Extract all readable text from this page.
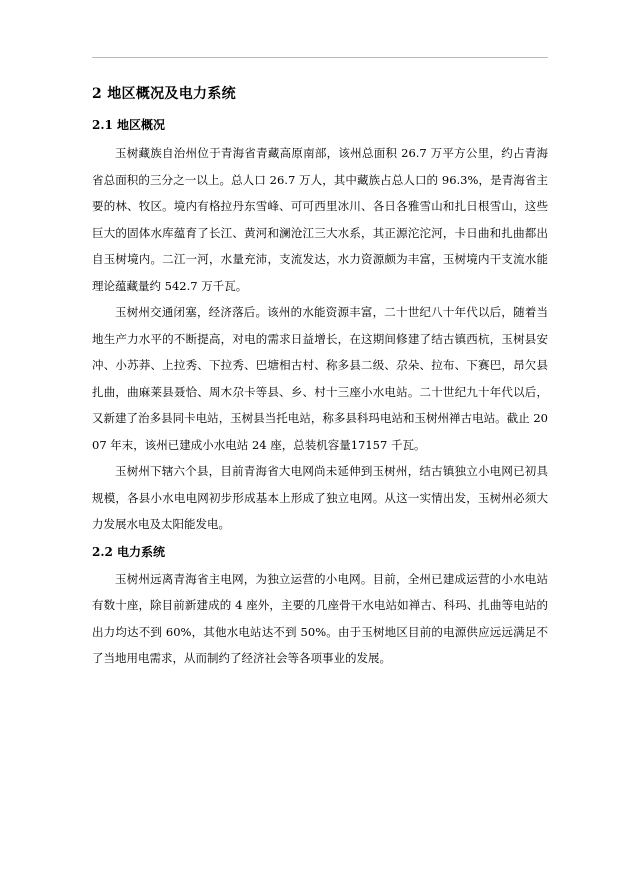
2 地区概况及电力系统
2.1 地区概况

玉树藏族自治州位于青海省青藏高原南部，该州总面积 26.7 万平方公里，约占青海省总面积的三分之一以上。总人口 26.7 万人，其中藏族占总人口的 96.3%，是青海省主要的林、牧区。境内有格拉丹东雪峰、可可西里冰川、各日各雅雪山和扎日根雪山，这些巨大的固体水库蕴育了长江、黄河和澜沧江三大水系，其正源沱沱河，卡日曲和扎曲都出自玉树境内。二江一河，水量充沛，支流发达，水力资源颇为丰富，玉树境内干支流水能理论蕴藏量约 542.7 万千瓦。

玉树州交通闭塞，经济落后。该州的水能资源丰富，二十世纪八十年代以后，随着当地生产力水平的不断提高，对电的需求日益增长，在这期间修建了结古镇西杭，玉树县安冲、小苏莽、上拉秀、下拉秀、巴塘相古村、称多县二级、尕朵、拉布、下赛巴，昂欠县扎曲，曲麻莱县聂恰、周木尕卡等县、乡、村十三座小水电站。二十世纪九十年代以后，又新建了治多县同卡电站，玉树县当托电站，称多县科玛电站和玉树州禅古电站。截止 2007 年末，该州已建成小水电站 24 座，总装机容量17157 千瓦。

玉树州下辖六个县，目前青海省大电网尚未延伸到玉树州，结古镇独立小电网已初具规模，各县小水电电网初步形成基本上形成了独立电网。从这一实情出发，玉树州必须大力发展水电及太阳能发电。

2.2 电力系统

玉树州远离青海省主电网，为独立运营的小电网。目前，全州已建成运营的小水电站有数十座，除目前新建成的 4 座外，主要的几座骨干水电站如禅古、科玛、扎曲等电站的出力均达不到 60%，其他水电站达不到 50%。由于玉树地区目前的电源供应远远满足不了当地用电需求，从而制约了经济社会等各项事业的发展。
